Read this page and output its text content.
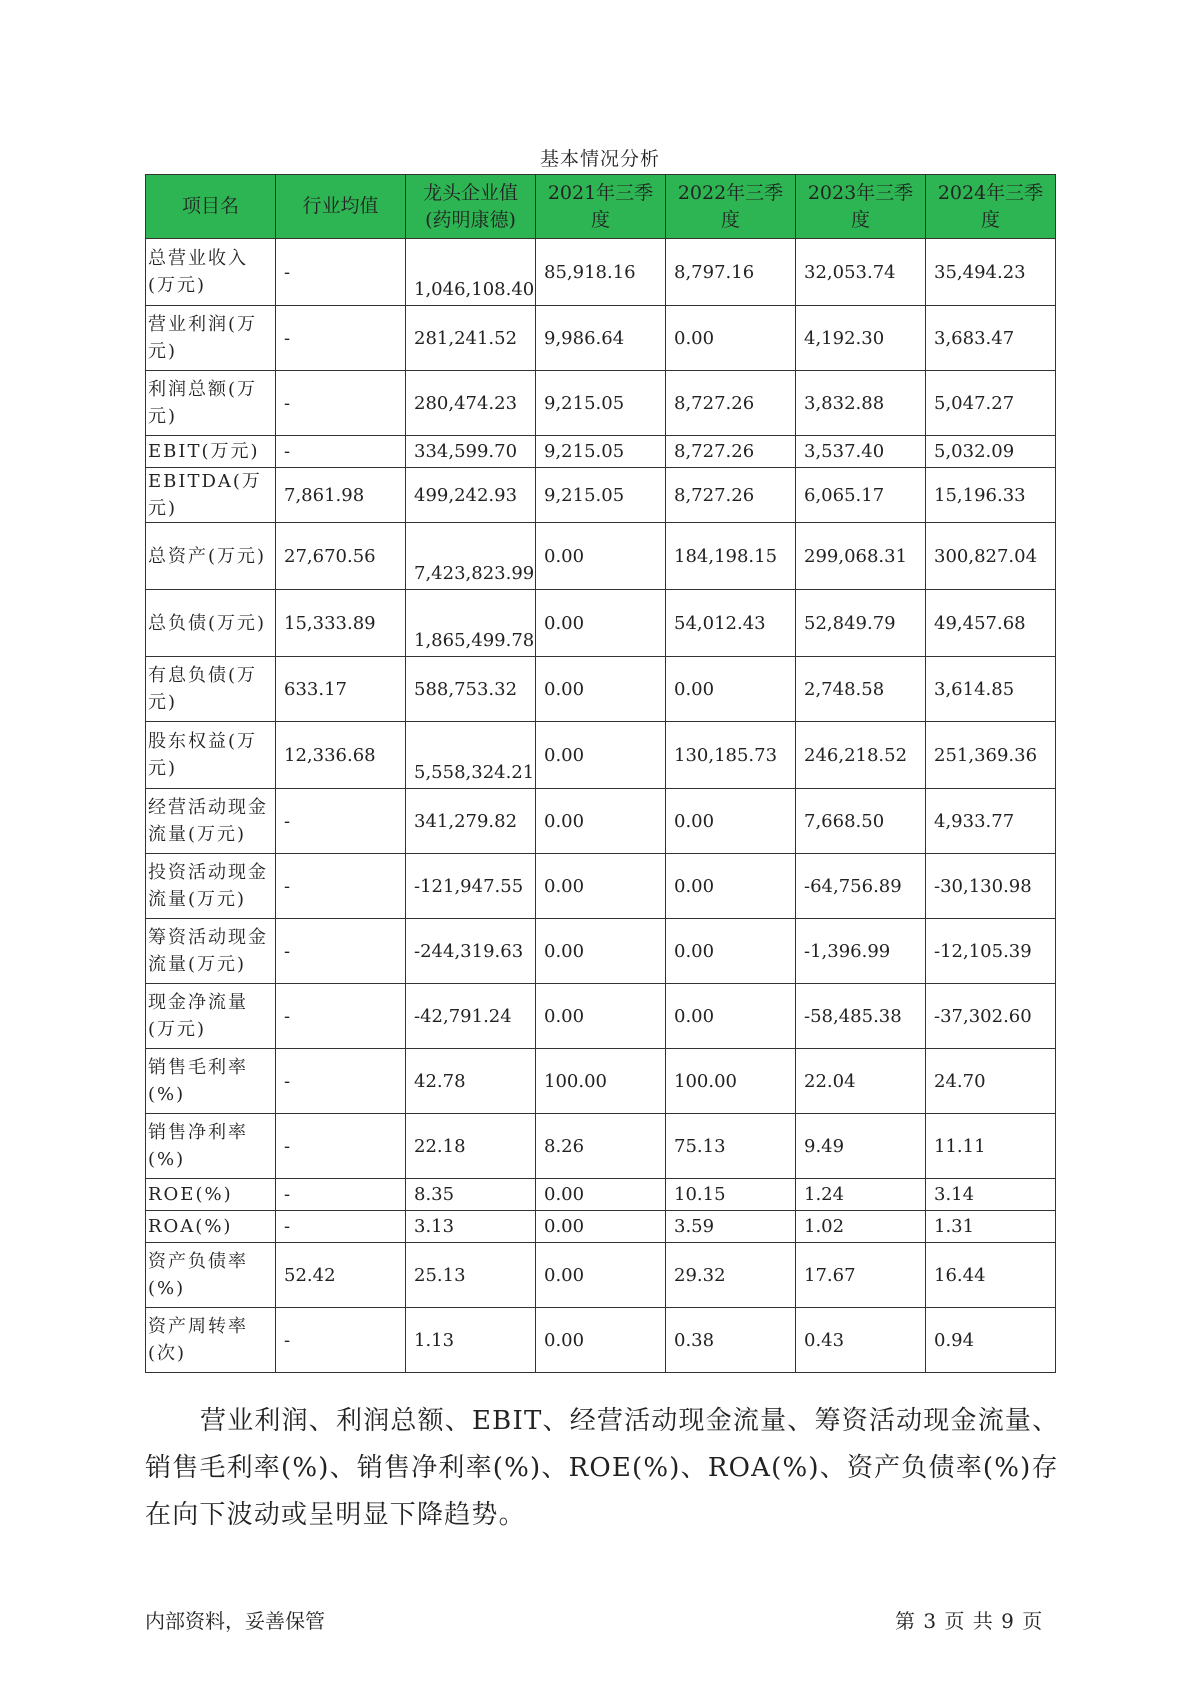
基本情况分析
项目名	行业均值	龙头企业值(药明康德)	2021年三季度	2022年三季度	2023年三季度	2024年三季度
总营业收入(万元)	-	1,046,108.40	85,918.16	8,797.16	32,053.74	35,494.23
营业利润(万元)	-	281,241.52	9,986.64	0.00	4,192.30	3,683.47
利润总额(万元)	-	280,474.23	9,215.05	8,727.26	3,832.88	5,047.27
EBIT(万元)	-	334,599.70	9,215.05	8,727.26	3,537.40	5,032.09
EBITDA(万元)	7,861.98	499,242.93	9,215.05	8,727.26	6,065.17	15,196.33
总资产(万元)	27,670.56	7,423,823.99	0.00	184,198.15	299,068.31	300,827.04
总负债(万元)	15,333.89	1,865,499.78	0.00	54,012.43	52,849.79	49,457.68
有息负债(万元)	633.17	588,753.32	0.00	0.00	2,748.58	3,614.85
股东权益(万元)	12,336.68	5,558,324.21	0.00	130,185.73	246,218.52	251,369.36
经营活动现金流量(万元)	-	341,279.82	0.00	0.00	7,668.50	4,933.77
投资活动现金流量(万元)	-	-121,947.55	0.00	0.00	-64,756.89	-30,130.98
筹资活动现金流量(万元)	-	-244,319.63	0.00	0.00	-1,396.99	-12,105.39
现金净流量(万元)	-	-42,791.24	0.00	0.00	-58,485.38	-37,302.60
销售毛利率(%)	-	42.78	100.00	100.00	22.04	24.70
销售净利率(%)	-	22.18	8.26	75.13	9.49	11.11
ROE(%)	-	8.35	0.00	10.15	1.24	3.14
ROA(%)	-	3.13	0.00	3.59	1.02	1.31
资产负债率(%)	52.42	25.13	0.00	29.32	17.67	16.44
资产周转率(次)	-	1.13	0.00	0.38	0.43	0.94
营业利润、利润总额、EBIT、经营活动现金流量、筹资活动现金流量、销售毛利率(%)、销售净利率(%)、ROE(%)、ROA(%)、资产负债率(%)存在向下波动或呈明显下降趋势。
内部资料，妥善保管	第 3 页 共 9 页
